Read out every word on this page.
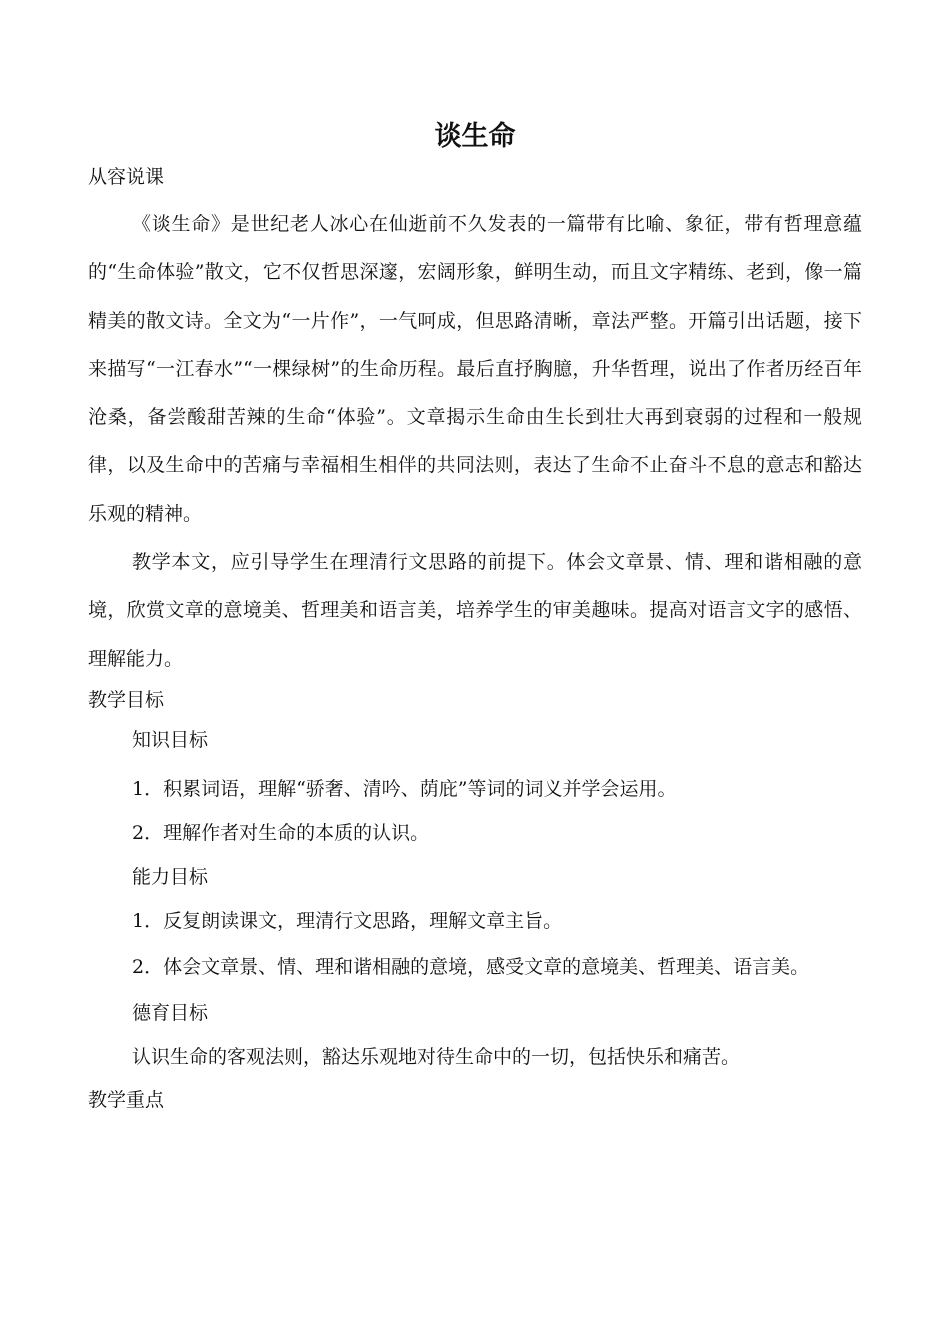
谈生命

从容说课

《谈生命》是世纪老人冰心在仙逝前不久发表的一篇带有比喻、象征，带有哲理意蕴的“生命体验”散文，它不仅哲思深邃，宏阔形象，鲜明生动，而且文字精练、老到，像一篇精美的散文诗。全文为“一片作”，一气呵成，但思路清晰，章法严整。开篇引出话题，接下来描写“一江春水”“一棵绿树”的生命历程。最后直抒胸臆，升华哲理，说出了作者历经百年沧桑，备尝酸甜苦辣的生命“体验”。文章揭示生命由生长到壮大再到衰弱的过程和一般规律，以及生命中的苦痛与幸福相生相伴的共同法则，表达了生命不止奋斗不息的意志和豁达乐观的精神。

教学本文，应引导学生在理清行文思路的前提下。体会文章景、情、理和谐相融的意境，欣赏文章的意境美、哲理美和语言美，培养学生的审美趣味。提高对语言文字的感悟、理解能力。

教学目标

知识目标

1．积累词语，理解“骄奢、清吟、荫庇”等词的词义并学会运用。

2．理解作者对生命的本质的认识。

能力目标

1．反复朗读课文，理清行文思路，理解文章主旨。

2．体会文章景、情、理和谐相融的意境，感受文章的意境美、哲理美、语言美。

德育目标

认识生命的客观法则，豁达乐观地对待生命中的一切，包括快乐和痛苦。

教学重点
